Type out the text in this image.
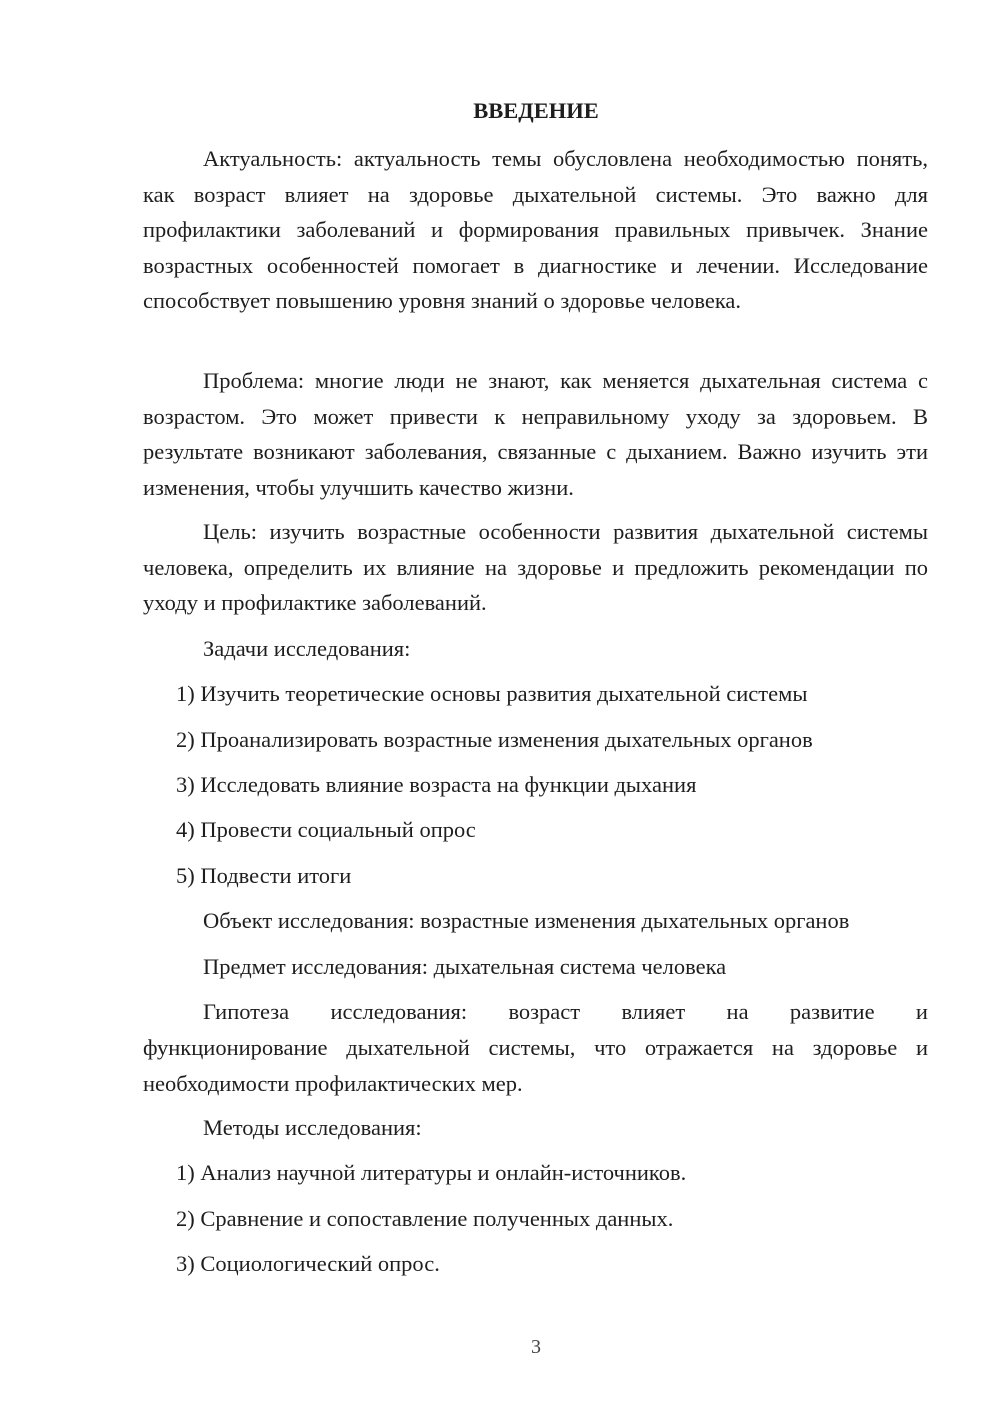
ВВЕДЕНИЕ

Актуальность: актуальность темы обусловлена необходимостью понять, как возраст влияет на здоровье дыхательной системы. Это важно для профилактики заболеваний и формирования правильных привычек. Знание возрастных особенностей помогает в диагностике и лечении. Исследование способствует повышению уровня знаний о здоровье человека.

Проблема: многие люди не знают, как меняется дыхательная система с возрастом. Это может привести к неправильному уходу за здоровьем. В результате возникают заболевания, связанные с дыханием. Важно изучить эти изменения, чтобы улучшить качество жизни.

Цель: изучить возрастные особенности развития дыхательной системы человека, определить их влияние на здоровье и предложить рекомендации по уходу и профилактике заболеваний.

Задачи исследования:

1) Изучить теоретические основы развития дыхательной системы

2) Проанализировать возрастные изменения дыхательных органов

3) Исследовать влияние возраста на функции дыхания

4) Провести социальный опрос

5) Подвести итоги

Объект исследования: возрастные изменения дыхательных органов

Предмет исследования: дыхательная система человека

Гипотеза исследования: возраст влияет на развитие и

функционирование дыхательной системы, что отражается на здоровье и необходимости профилактических мер.

Методы исследования:

1) Анализ научной литературы и онлайн-источников.

2) Сравнение и сопоставление полученных данных.

3) Социологический опрос.

3
